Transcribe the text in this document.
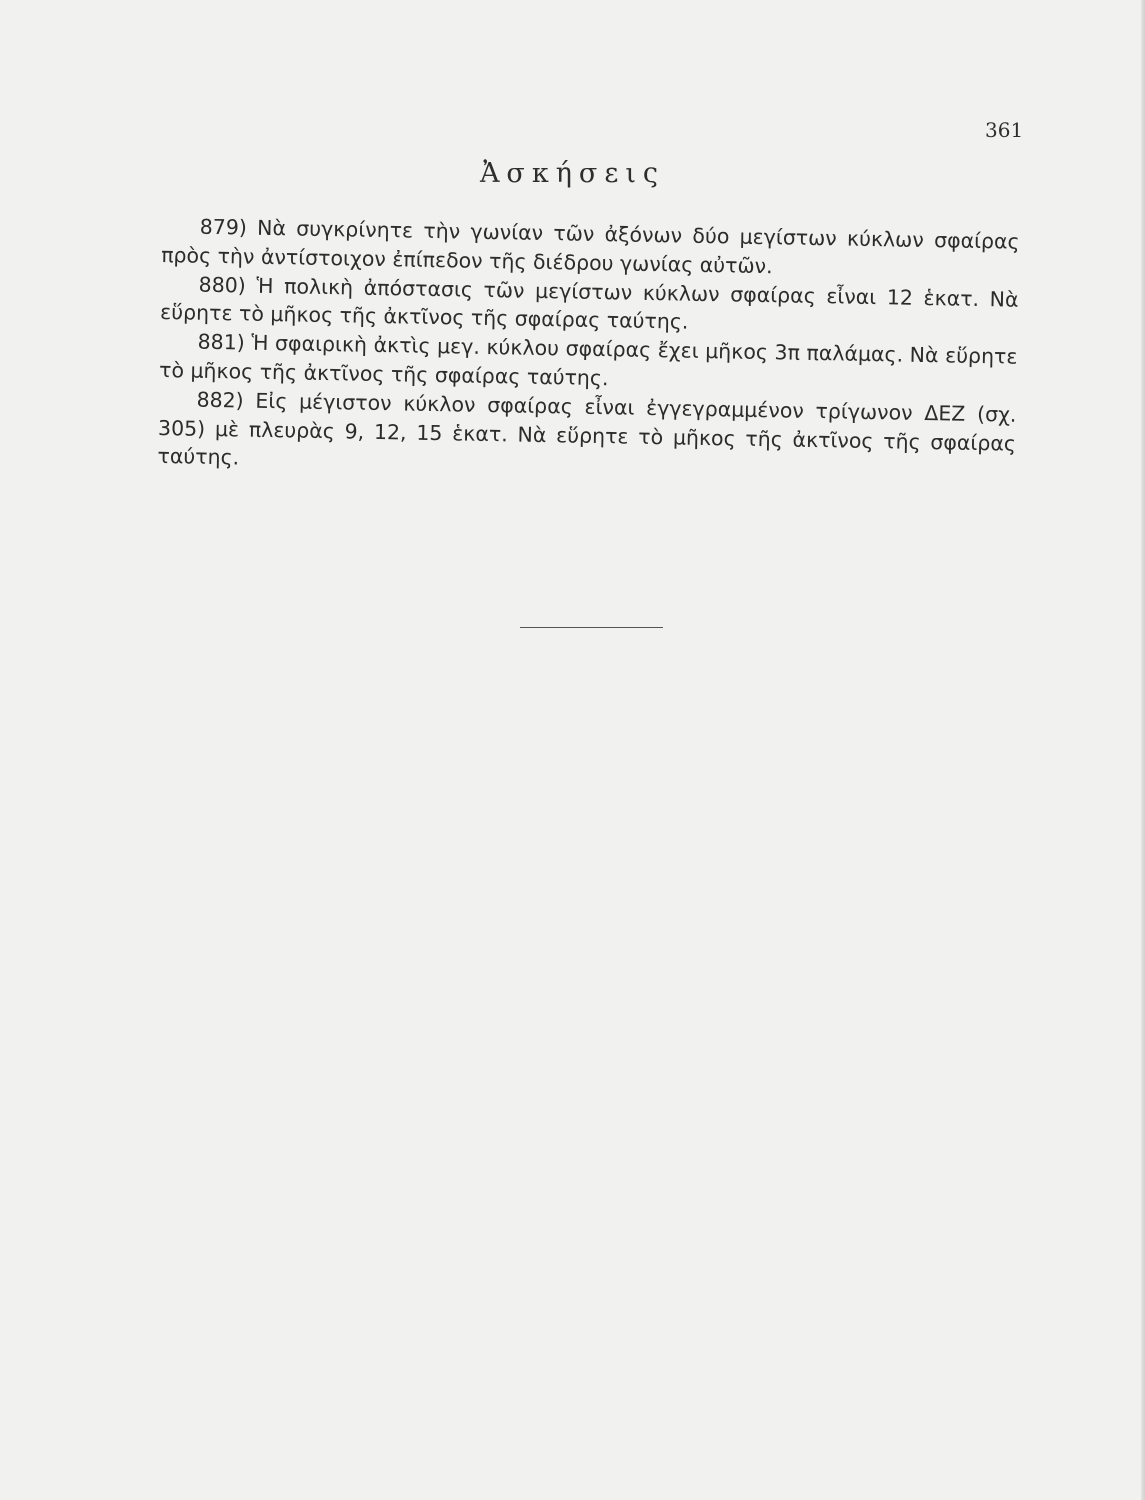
361
Ἀσκήσεις

879) Νὰ συγκρίνητε τὴν γωνίαν τῶν ἀξόνων δύο μεγίστων κύκλων σφαίρας πρὸς τὴν ἀντίστοιχον ἐπίπεδον τῆς διέδρου γωνίας αὐτῶν.

880) Ἡ πολικὴ ἀπόστασις τῶν μεγίστων κύκλων σφαίρας εἶναι 12 ἑκατ. Νὰ εὕρητε τὸ μῆκος τῆς ἀκτῖνος τῆς σφαίρας ταύτης.

881) Ἡ σφαιρικὴ ἀκτὶς μεγ. κύκλου σφαίρας ἔχει μῆκος 3π παλάμας. Νὰ εὕρητε τὸ μῆκος τῆς ἀκτῖνος τῆς σφαίρας ταύτης.

882) Εἰς μέγιστον κύκλον σφαίρας εἶναι ἐγγεγραμμένον τρίγωνον ΔΕΖ (σχ. 305) μὲ πλευρὰς 9, 12, 15 ἑκατ. Νὰ εὕρητε τὸ μῆκος τῆς ἀκτῖνος τῆς σφαίρας ταύτης.
